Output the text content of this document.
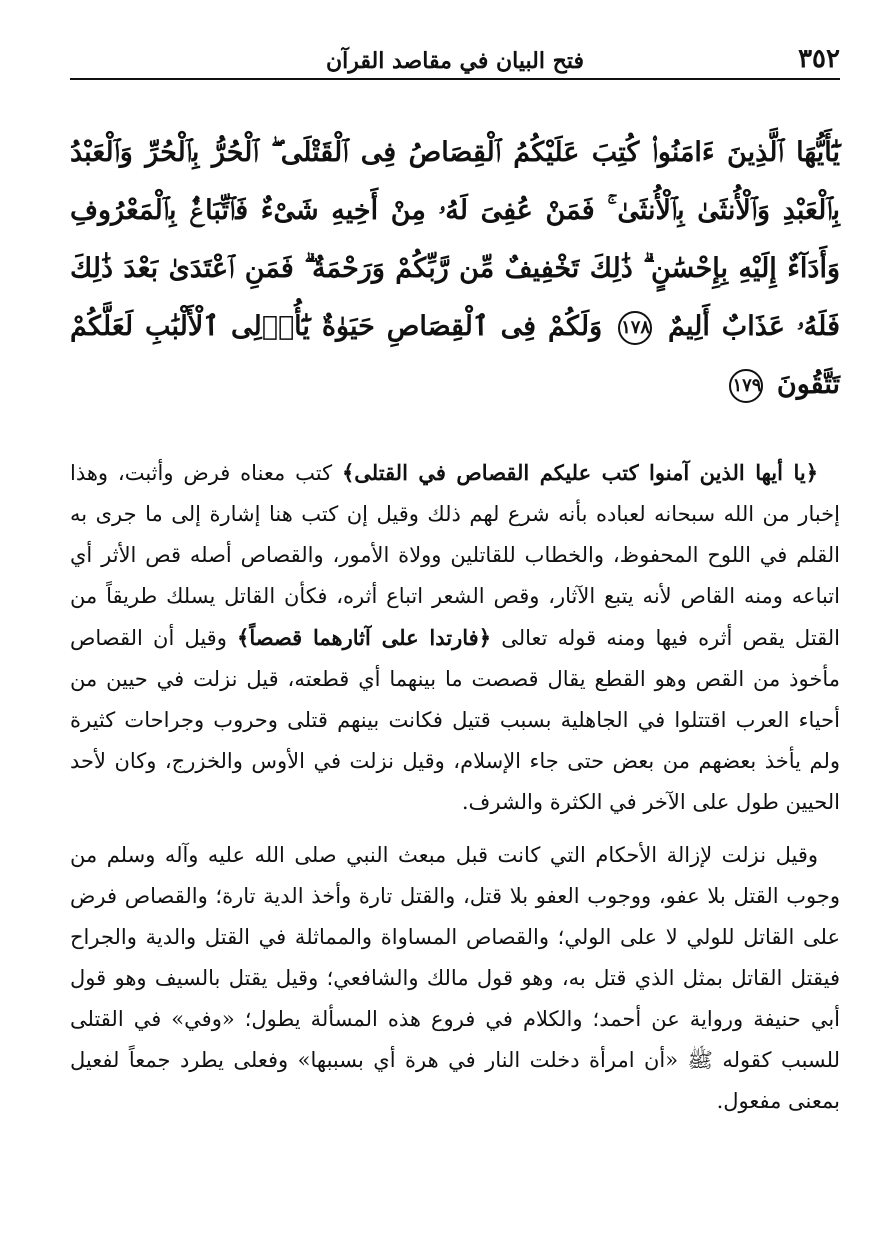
٣٥٢
فتح البيان في مقاصد القرآن
يَٰٓأَيُّهَا ٱلَّذِينَ ءَامَنُوا۟ كُتِبَ عَلَيْكُمُ ٱلْقِصَاصُ فِى ٱلْقَتْلَى ۖ ٱلْحُرُّ بِٱلْحُرِّ وَٱلْعَبْدُ بِٱلْعَبْدِ وَٱلْأُنثَىٰ بِٱلْأُنثَىٰ ۚ فَمَنْ عُفِىَ لَهُۥ مِنْ أَخِيهِ شَىْءٌ فَٱتِّبَاعٌۢ بِٱلْمَعْرُوفِ وَأَدَآءٌ إِلَيْهِ بِإِحْسَٰنٍ ۗ ذَٰلِكَ تَخْفِيفٌ مِّن رَّبِّكُمْ وَرَحْمَةٌ ۗ فَمَنِ ٱعْتَدَىٰ بَعْدَ ذَٰلِكَ فَلَهُۥ عَذَابٌ أَلِيمٌ ١٧٨ وَلَكُمْ فِى ٱلْقِصَاصِ حَيَوٰةٌ يَٰٓأُو۟لِى ٱلْأَلْبَٰبِ لَعَلَّكُمْ تَتَّقُونَ ١٧٩

﴿يا أيها الذين آمنوا كتب عليكم القصاص في القتلى﴾ كتب معناه فرض وأثبت، وهذا إخبار من الله سبحانه لعباده بأنه شرع لهم ذلك وقيل إن كتب هنا إشارة إلى ما جرى به القلم في اللوح المحفوظ، والخطاب للقاتلين وولاة الأمور، والقصاص أصله قص الأثر أي اتباعه ومنه القاص لأنه يتبع الآثار، وقص الشعر اتباع أثره، فكأن القاتل يسلك طريقاً من القتل يقص أثره فيها ومنه قوله تعالى ﴿فارتدا على آثارهما قصصاً﴾ وقيل أن القصاص مأخوذ من القص وهو القطع يقال قصصت ما بينهما أي قطعته، قيل نزلت في حيين من أحياء العرب اقتتلوا في الجاهلية بسبب قتيل فكانت بينهم قتلى وحروب وجراحات كثيرة ولم يأخذ بعضهم من بعض حتى جاء الإسلام، وقيل نزلت في الأوس والخزرج، وكان لأحد الحيين طول على الآخر في الكثرة والشرف.

وقيل نزلت لإزالة الأحكام التي كانت قبل مبعث النبي صلى الله عليه وآله وسلم من وجوب القتل بلا عفو، ووجوب العفو بلا قتل، والقتل تارة وأخذ الدية تارة؛ والقصاص فرض على القاتل للولي لا على الولي؛ والقصاص المساواة والمماثلة في القتل والدية والجراح فيقتل القاتل بمثل الذي قتل به، وهو قول مالك والشافعي؛ وقيل يقتل بالسيف وهو قول أبي حنيفة ورواية عن أحمد؛ والكلام في فروع هذه المسألة يطول؛ «وفي» في القتلى للسبب كقوله ﷺ «أن امرأة دخلت النار في هرة أي بسببها» وفعلى يطرد جمعاً لفعيل بمعنى مفعول.
